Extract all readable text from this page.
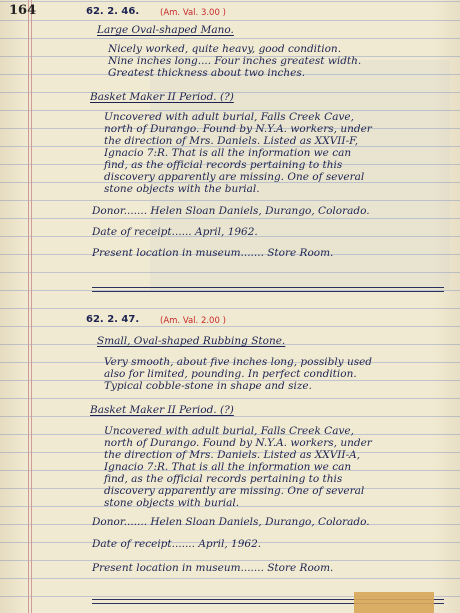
164	62. 2. 46. (Am. Val. 3.00 )
Large Oval-shaped Mano.
Nicely worked, quite heavy, good condition.
Nine inches long.... Four inches greatest width.
Greatest thickness about two inches.
Basket Maker II Period. (?)
Uncovered with adult burial, Falls Creek Cave,
north of Durango. Found by N.Y.A. workers, under
the direction of Mrs. Daniels. Listed as XXVII-F,
Ignacio 7:R. That is all the information we can
find, as the official records pertaining to this
discovery apparently are missing. One of several
stone objects with the burial.
Donor....... Helen Sloan Daniels, Durango, Colorado.
Date of receipt...... April, 1962.
Present location in museum....... Store Room.
62. 2. 47. (Am. Val. 2.00 )
Small, Oval-shaped Rubbing Stone.
Very smooth, about five inches long, possibly used
also for limited, pounding. In perfect condition.
Typical cobble-stone in shape and size.
Basket Maker II Period. (?)
Uncovered with adult burial, Falls Creek Cave,
north of Durango. Found by N.Y.A. workers, under
the direction of Mrs. Daniels. Listed as XXVII-A,
Ignacio 7:R. That is all the information we can
find, as the official records pertaining to this
discovery apparently are missing. One of several
stone objects with burial.
Donor....... Helen Sloan Daniels, Durango, Colorado.
Date of receipt....... April, 1962.
Present location in museum....... Store Room.
